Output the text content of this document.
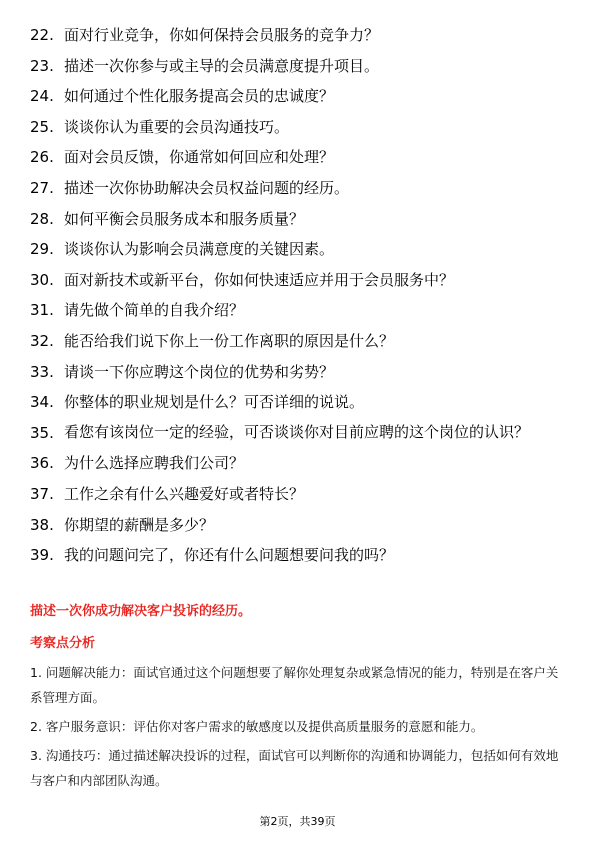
22. 面对行业竞争，你如何保持会员服务的竞争力？
23. 描述一次你参与或主导的会员满意度提升项目。
24. 如何通过个性化服务提高会员的忠诚度？
25. 谈谈你认为重要的会员沟通技巧。
26. 面对会员反馈，你通常如何回应和处理？
27. 描述一次你协助解决会员权益问题的经历。
28. 如何平衡会员服务成本和服务质量？
29. 谈谈你认为影响会员满意度的关键因素。
30. 面对新技术或新平台，你如何快速适应并用于会员服务中？
31. 请先做个简单的自我介绍？
32. 能否给我们说下你上一份工作离职的原因是什么？
33. 请谈一下你应聘这个岗位的优势和劣势？
34. 你整体的职业规划是什么？可否详细的说说。
35. 看您有该岗位一定的经验，可否谈谈你对目前应聘的这个岗位的认识？
36. 为什么选择应聘我们公司？
37. 工作之余有什么兴趣爱好或者特长？
38. 你期望的薪酬是多少？
39. 我的问题问完了，你还有什么问题想要问我的吗？
描述一次你成功解决客户投诉的经历。
考察点分析
1. 问题解决能力：面试官通过这个问题想要了解你处理复杂或紧急情况的能力，特别是在客户关系管理方面。
2. 客户服务意识：评估你对客户需求的敏感度以及提供高质量服务的意愿和能力。
3. 沟通技巧：通过描述解决投诉的过程，面试官可以判断你的沟通和协调能力，包括如何有效地与客户和内部团队沟通。
第2页，共39页
